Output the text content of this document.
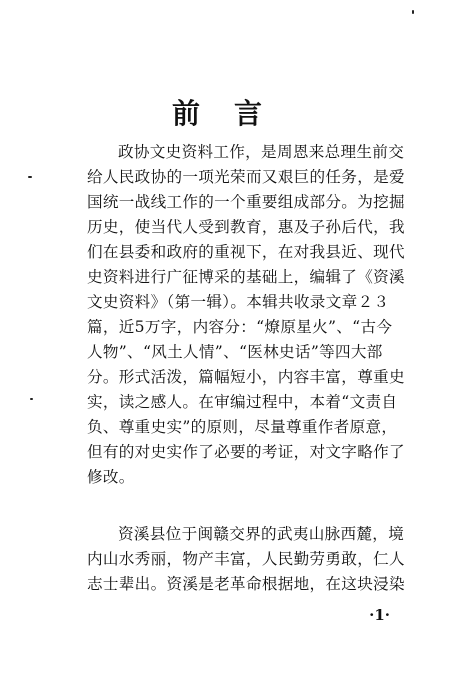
前言
政协文史资料工作，是周恩来总理生前交
给人民政协的一项光荣而又艰巨的任务，是爱
国统一战线工作的一个重要组成部分。为挖掘
历史，使当代人受到教育，惠及子孙后代，我
们在县委和政府的重视下，在对我县近、现代
史资料进行广征博采的基础上，编辑了《资溪
文史资料》（第一辑）。本辑共收录文章２３
篇，近5万字，内容分：“燎原星火”、“古今
人物”、“风土人情”、“医林史话”等四大部
分。形式活泼，篇幅短小，内容丰富，尊重史
实，读之感人。在审编过程中，本着“文责自
负、尊重史实”的原则，尽量尊重作者原意，
但有的对史实作了必要的考证，对文字略作了
修改。
资溪县位于闽赣交界的武夷山脉西麓，境
内山水秀丽，物产丰富，人民勤劳勇敢，仁人
志士辈出。资溪是老革命根据地，在这块浸染
·1·
